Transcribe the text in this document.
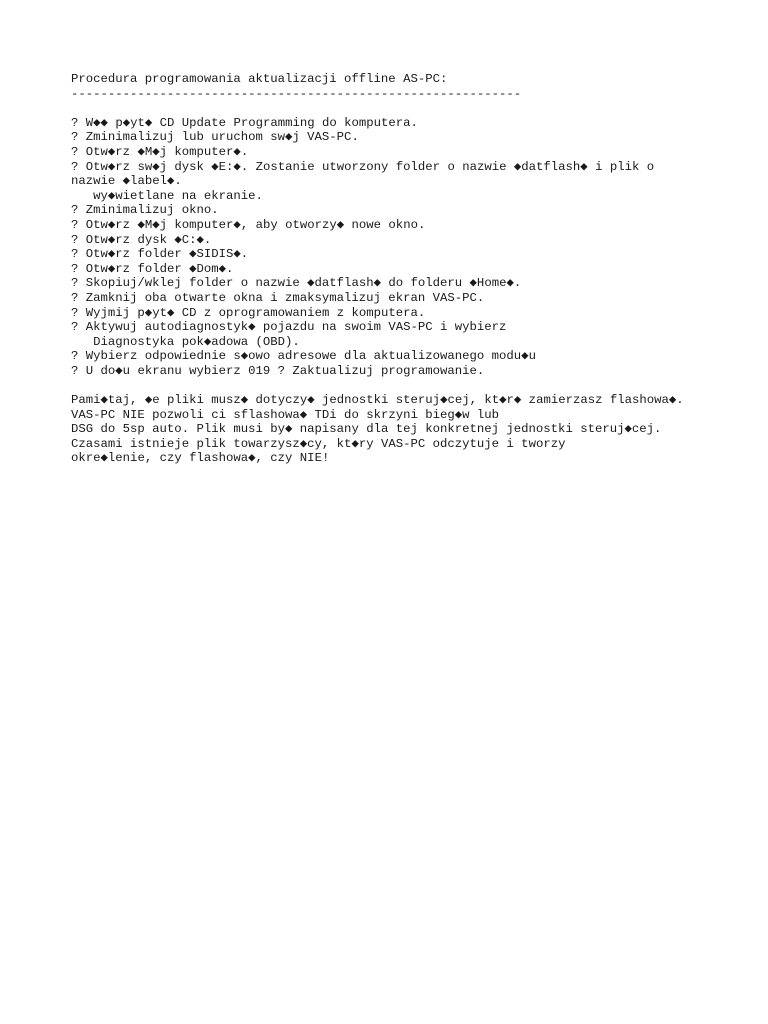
Procedura programowania aktualizacji offline AS-PC:
-------------------------------------------------------------
? W◆◆ p◆yt◆ CD Update Programming do komputera.
? Zminimalizuj lub uruchom sw◆j VAS-PC.
? Otw◆rz ◆M◆j komputer◆.
? Otw◆rz sw◆j dysk ◆E:◆. Zostanie utworzony folder o nazwie ◆datflash◆ i plik o
nazwie ◆label◆.
wy◆wietlane na ekranie.
? Zminimalizuj okno.
? Otw◆rz ◆M◆j komputer◆, aby otworzy◆ nowe okno.
? Otw◆rz dysk ◆C:◆.
? Otw◆rz folder ◆SIDIS◆.
? Otw◆rz folder ◆Dom◆.
? Skopiuj/wklej folder o nazwie ◆datflash◆ do folderu ◆Home◆.
? Zamknij oba otwarte okna i zmaksymalizuj ekran VAS-PC.
? Wyjmij p◆yt◆ CD z oprogramowaniem z komputera.
? Aktywuj autodiagnostyk◆ pojazdu na swoim VAS-PC i wybierz
Diagnostyka pok◆adowa (OBD).
? Wybierz odpowiednie s◆owo adresowe dla aktualizowanego modu◆u
? U do◆u ekranu wybierz 019 ? Zaktualizuj programowanie.
Pami◆taj, ◆e pliki musz◆ dotyczy◆ jednostki steruj◆cej, kt◆r◆ zamierzasz flashowa◆.
VAS-PC NIE pozwoli ci sflashowa◆ TDi do skrzyni bieg◆w lub
DSG do 5sp auto. Plik musi by◆ napisany dla tej konkretnej jednostki steruj◆cej.
Czasami istnieje plik towarzysz◆cy, kt◆ry VAS-PC odczytuje i tworzy
okre◆lenie, czy flashowa◆, czy NIE!
